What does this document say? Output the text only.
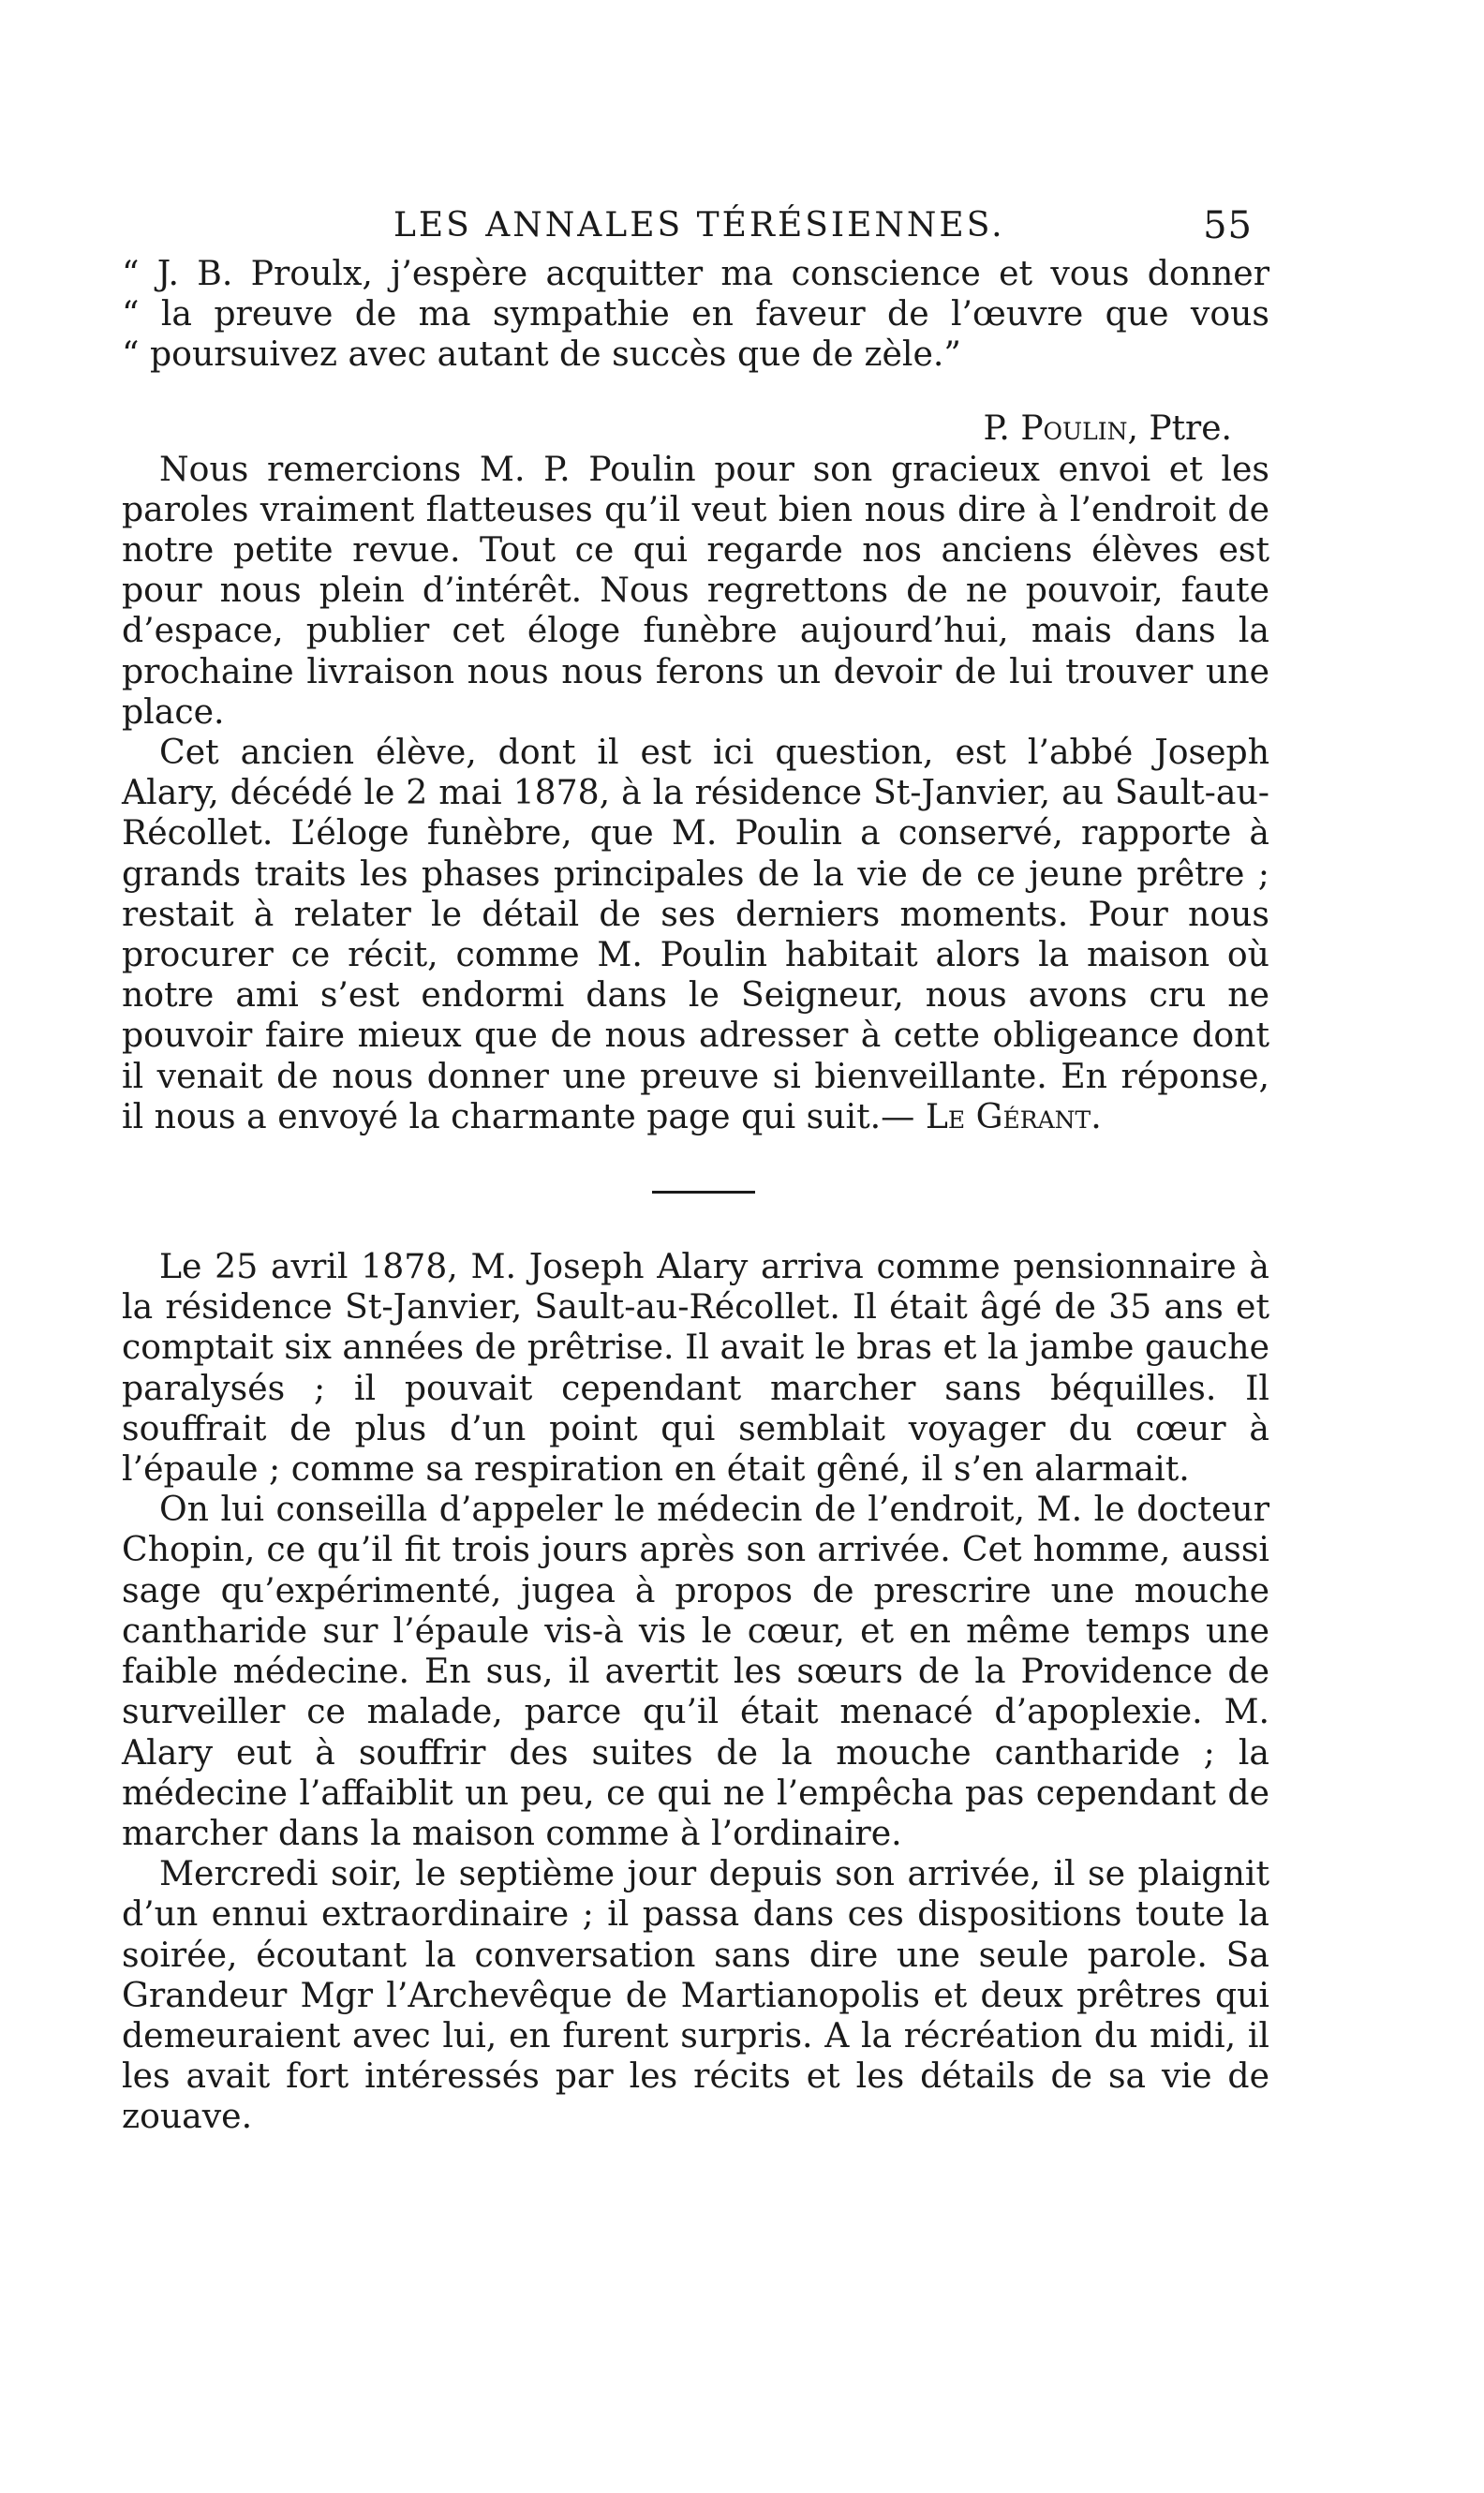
LES ANNALES TÉRÉSIENNES.	55
“ J. B. Proulx, j’espère acquitter ma conscience et vous donner
“ la preuve de ma sympathie en faveur de l’œuvre que vous
“ poursuivez avec autant de succès que de zèle.”
P. Poulin, Ptre.

Nous remercions M. P. Poulin pour son gracieux envoi et les paroles vraiment flatteuses qu’il veut bien nous dire à l’endroit de notre petite revue. Tout ce qui regarde nos anciens élèves est pour nous plein d’intérêt. Nous regrettons de ne pouvoir, faute d’espace, publier cet éloge funèbre aujourd’hui, mais dans la prochaine livraison nous nous ferons un devoir de lui trouver une place.

Cet ancien élève, dont il est ici question, est l’abbé Joseph Alary, décédé le 2 mai 1878, à la résidence St-Janvier, au Sault-au-Récollet. L’éloge funèbre, que M. Poulin a conservé, rapporte à grands traits les phases principales de la vie de ce jeune prêtre ; restait à relater le détail de ses derniers moments. Pour nous procurer ce récit, comme M. Poulin habitait alors la maison où notre ami s’est endormi dans le Seigneur, nous avons cru ne pouvoir faire mieux que de nous adresser à cette obligeance dont il venait de nous donner une preuve si bienveillante. En réponse, il nous a envoyé la charmante page qui suit.— Le Gérant.

Le 25 avril 1878, M. Joseph Alary arriva comme pensionnaire à la résidence St-Janvier, Sault-au-Récollet. Il était âgé de 35 ans et comptait six années de prêtrise. Il avait le bras et la jambe gauche paralysés ; il pouvait cependant marcher sans béquilles. Il souffrait de plus d’un point qui semblait voyager du cœur à l’épaule ; comme sa respiration en était gêné, il s’en alarmait.

On lui conseilla d’appeler le médecin de l’endroit, M. le docteur Chopin, ce qu’il fit trois jours après son arrivée. Cet homme, aussi sage qu’expérimenté, jugea à propos de prescrire une mouche cantharide sur l’épaule vis-à vis le cœur, et en même temps une faible médecine. En sus, il avertit les sœurs de la Providence de surveiller ce malade, parce qu’il était menacé d’apoplexie. M. Alary eut à souffrir des suites de la mouche cantharide ; la médecine l’affaiblit un peu, ce qui ne l’empêcha pas cependant de marcher dans la maison comme à l’ordinaire.

Mercredi soir, le septième jour depuis son arrivée, il se plaignit d’un ennui extraordinaire ; il passa dans ces dispositions toute la soirée, écoutant la conversation sans dire une seule parole. Sa Grandeur Mgr l’Archevêque de Martianopolis et deux prêtres qui demeuraient avec lui, en furent surpris. A la récréation du midi, il les avait fort intéressés par les récits et les détails de sa vie de zouave.
